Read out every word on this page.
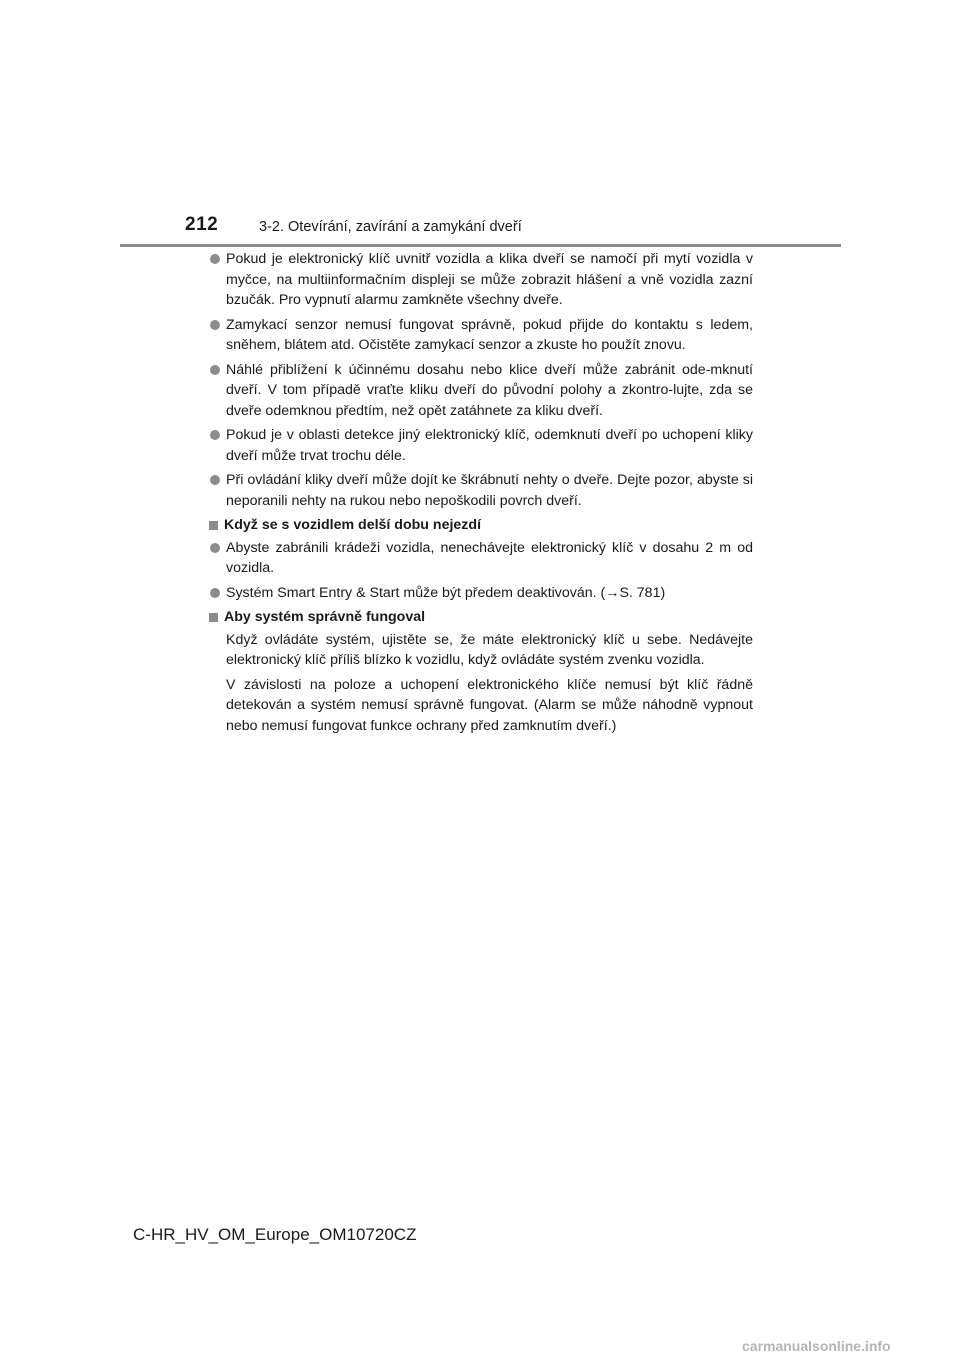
212	3-2. Otevírání, zavírání a zamykání dveří
Pokud je elektronický klíč uvnitř vozidla a klika dveří se namočí při mytí vozidla v myčce, na multiinformačním displeji se může zobrazit hlášení a vně vozidla zazní bzučák. Pro vypnutí alarmu zamkněte všechny dveře.
Zamykací senzor nemusí fungovat správně, pokud přijde do kontaktu s ledem, sněhem, blátem atd. Očistěte zamykací senzor a zkuste ho použít znovu.
Náhlé přiblížení k účinnému dosahu nebo klice dveří může zabránit ode-mknutí dveří. V tom případě vraťte kliku dveří do původní polohy a zkontro-lujte, zda se dveře odemknou předtím, než opět zatáhnete za kliku dveří.
Pokud je v oblasti detekce jiný elektronický klíč, odemknutí dveří po uchopení kliky dveří může trvat trochu déle.
Při ovládání kliky dveří může dojít ke škrábnutí nehty o dveře. Dejte pozor, abyste si neporanili nehty na rukou nebo nepoškodili povrch dveří.
Když se s vozidlem delší dobu nejezdí
Abyste zabránili krádeži vozidla, nenechávejte elektronický klíč v dosahu 2 m od vozidla.
Systém Smart Entry & Start může být předem deaktivován. (→S. 781)
Aby systém správně fungoval
Když ovládáte systém, ujistěte se, že máte elektronický klíč u sebe. Nedávejte elektronický klíč příliš blízko k vozidlu, když ovládáte systém zvenku vozidla.
V závislosti na poloze a uchopení elektronického klíče nemusí být klíč řádně detekován a systém nemusí správně fungovat. (Alarm se může náhodně vypnout nebo nemusí fungovat funkce ochrany před zamknutím dveří.)
C-HR_HV_OM_Europe_OM10720CZ
carmanualsonline.info
